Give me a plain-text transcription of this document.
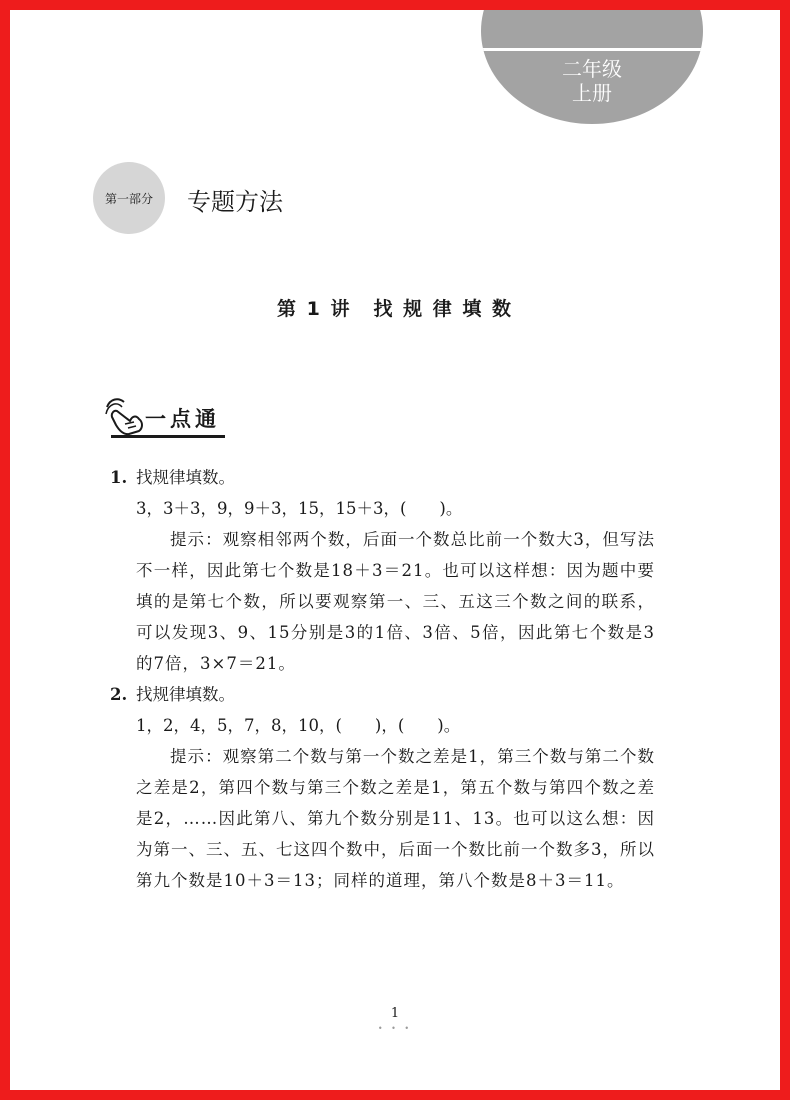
二年级
上册
第一部分	专题方法
第 1 讲 找 规 律 填 数
一点通

1. 找规律填数。

3，3＋3，9，9＋3，15，15＋3，(　　)。

提示：观察相邻两个数，后面一个数总比前一个数大3，但写法不一样，因此第七个数是18＋3＝21。也可以这样想：因为题中要填的是第七个数，所以要观察第一、三、五这三个数之间的联系，可以发现3、9、15分别是3的1倍、3倍、5倍，因此第七个数是3的7倍，3×7＝21。

2. 找规律填数。

1，2，4，5，7，8，10，(　　)，(　　)。

提示：观察第二个数与第一个数之差是1，第三个数与第二个数之差是2，第四个数与第三个数之差是1，第五个数与第四个数之差是2，……因此第八、第九个数分别是11、13。也可以这么想：因为第一、三、五、七这四个数中，后面一个数比前一个数多3，所以第九个数是10＋3＝13；同样的道理，第八个数是8＋3＝11。

1
• • •
